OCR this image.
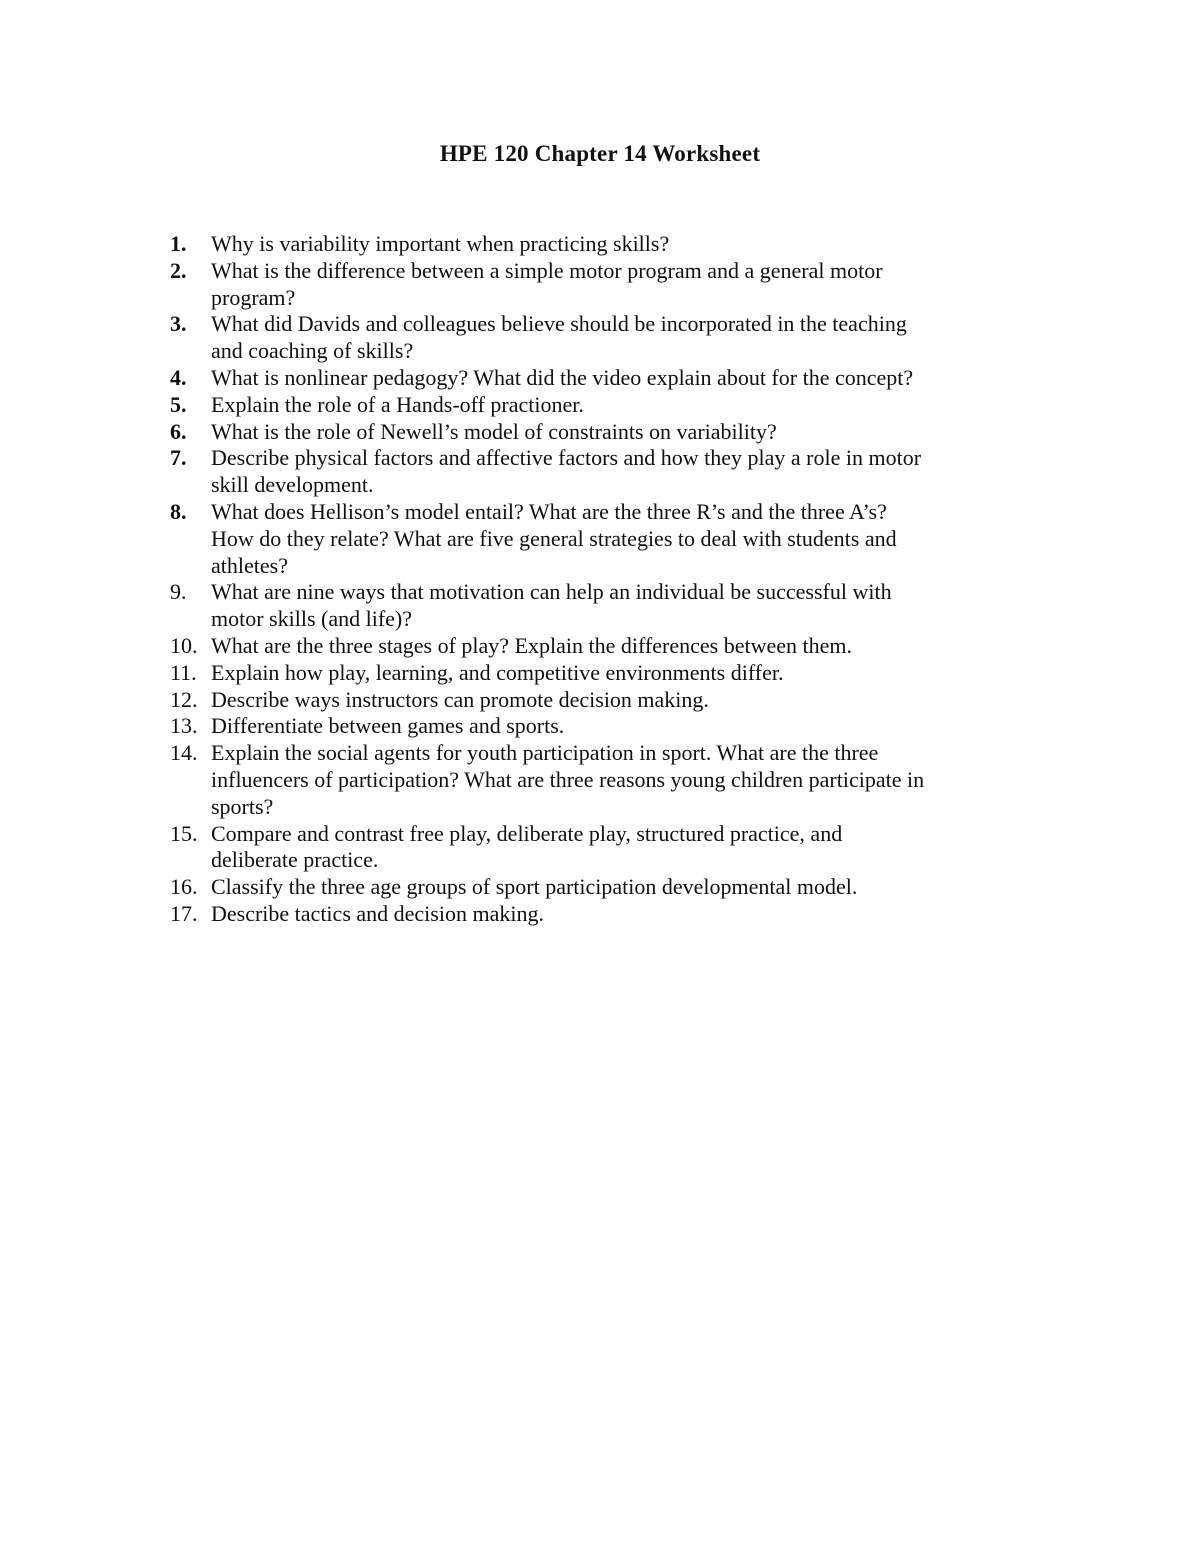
HPE 120 Chapter 14 Worksheet
1.	Why is variability important when practicing skills?
2.	What is the difference between a simple motor program and a general motor
program?
3.	What did Davids and colleagues believe should be incorporated in the teaching
and coaching of skills?
4.	What is nonlinear pedagogy? What did the video explain about for the concept?
5.	Explain the role of a Hands-off practioner.
6.	What is the role of Newell’s model of constraints on variability?
7.	Describe physical factors and affective factors and how they play a role in motor
skill development.
8.	What does Hellison’s model entail? What are the three R’s and the three A’s?
How do they relate? What are five general strategies to deal with students and
athletes?
9.	What are nine ways that motivation can help an individual be successful with
motor skills (and life)?
10. What are the three stages of play? Explain the differences between them.
11. Explain how play, learning, and competitive environments differ.
12. Describe ways instructors can promote decision making.
13. Differentiate between games and sports.
14. Explain the social agents for youth participation in sport. What are the three
influencers of participation? What are three reasons young children participate in
sports?
15. Compare and contrast free play, deliberate play, structured practice, and
deliberate practice.
16. Classify the three age groups of sport participation developmental model.
17. Describe tactics and decision making.
